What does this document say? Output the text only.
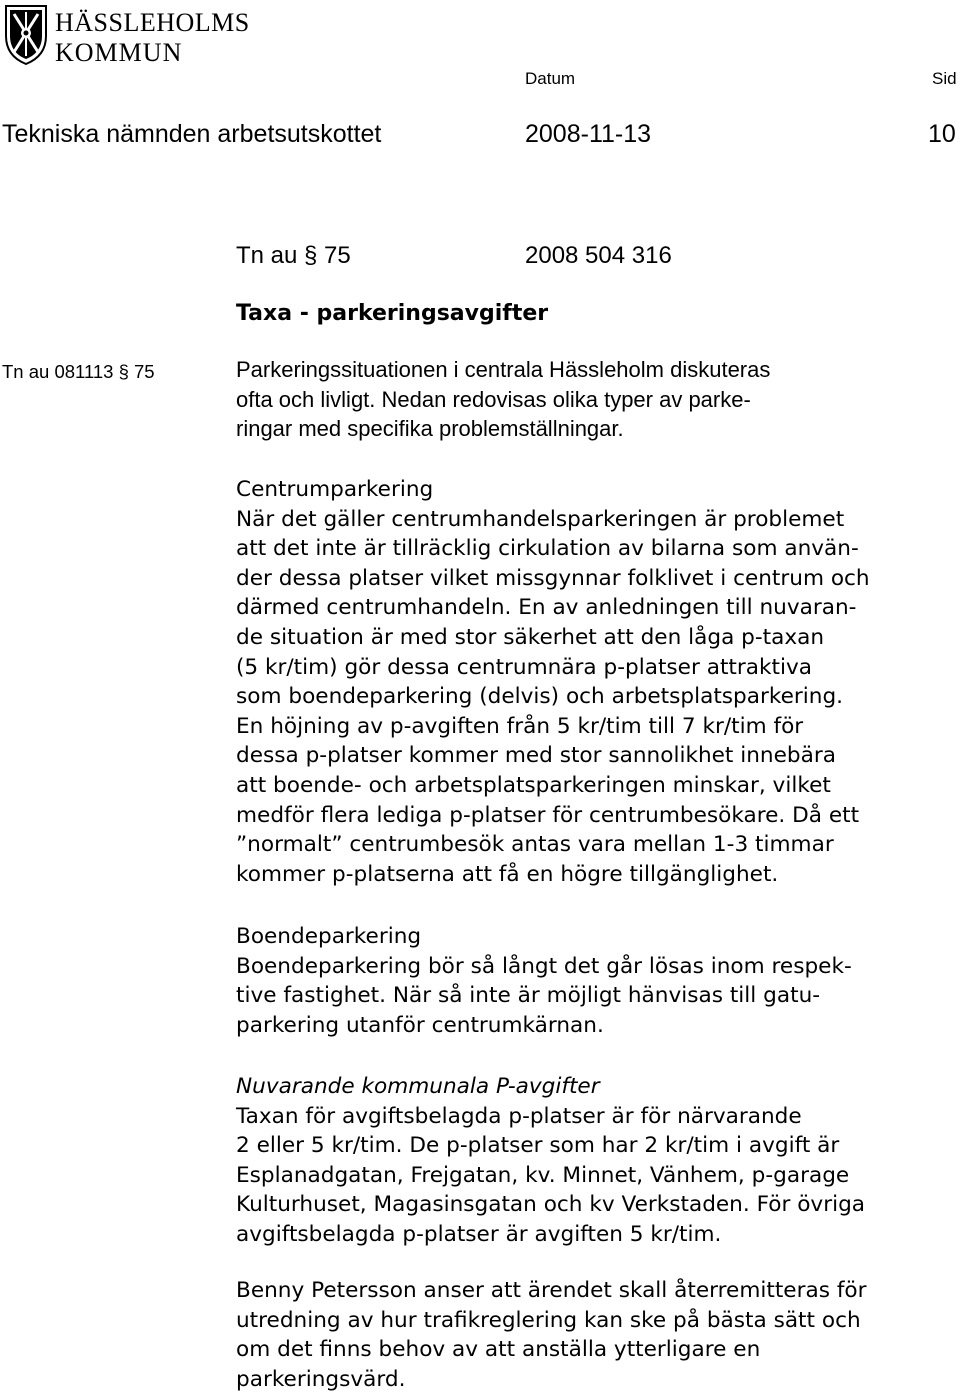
HÄSSLEHOLMS
KOMMUN
Datum	Sid
Tekniska nämnden arbetsutskottet	2008-11-13	10
Tn au § 75	2008 504 316
Taxa - parkeringsavgifter
Tn au 081113 § 75	Parkeringssituationen i centrala Hässleholm diskuteras
ofta och livligt. Nedan redovisas olika typer av parke-
ringar med specifika problemställningar.
Centrumparkering
När det gäller centrumhandelsparkeringen är problemet
att det inte är tillräcklig cirkulation av bilarna som använ-
der dessa platser vilket missgynnar folklivet i centrum och
därmed centrumhandeln. En av anledningen till nuvaran-
de situation är med stor säkerhet att den låga p-taxan
(5 kr/tim) gör dessa centrumnära p-platser attraktiva
som boendeparkering (delvis) och arbetsplatsparkering.
En höjning av p-avgiften från 5 kr/tim till 7 kr/tim för
dessa p-platser kommer med stor sannolikhet innebära
att boende- och arbetsplatsparkeringen minskar, vilket
medför flera lediga p-platser för centrumbesökare. Då ett
”normalt” centrumbesök antas vara mellan 1-3 timmar
kommer p-platserna att få en högre tillgänglighet.
Boendeparkering
Boendeparkering bör så långt det går lösas inom respek-
tive fastighet. När så inte är möjligt hänvisas till gatu-
parkering utanför centrumkärnan.
Nuvarande kommunala P-avgifter
Taxan för avgiftsbelagda p-platser är för närvarande
2 eller 5 kr/tim. De p-platser som har 2 kr/tim i avgift är
Esplanadgatan, Frejgatan, kv. Minnet, Vänhem, p-garage
Kulturhuset, Magasinsgatan och kv Verkstaden. För övriga
avgiftsbelagda p-platser är avgiften 5 kr/tim.
Benny Petersson anser att ärendet skall återremitteras för
utredning av hur trafikreglering kan ske på bästa sätt och
om det finns behov av att anställa ytterligare en
parkeringsvärd.
